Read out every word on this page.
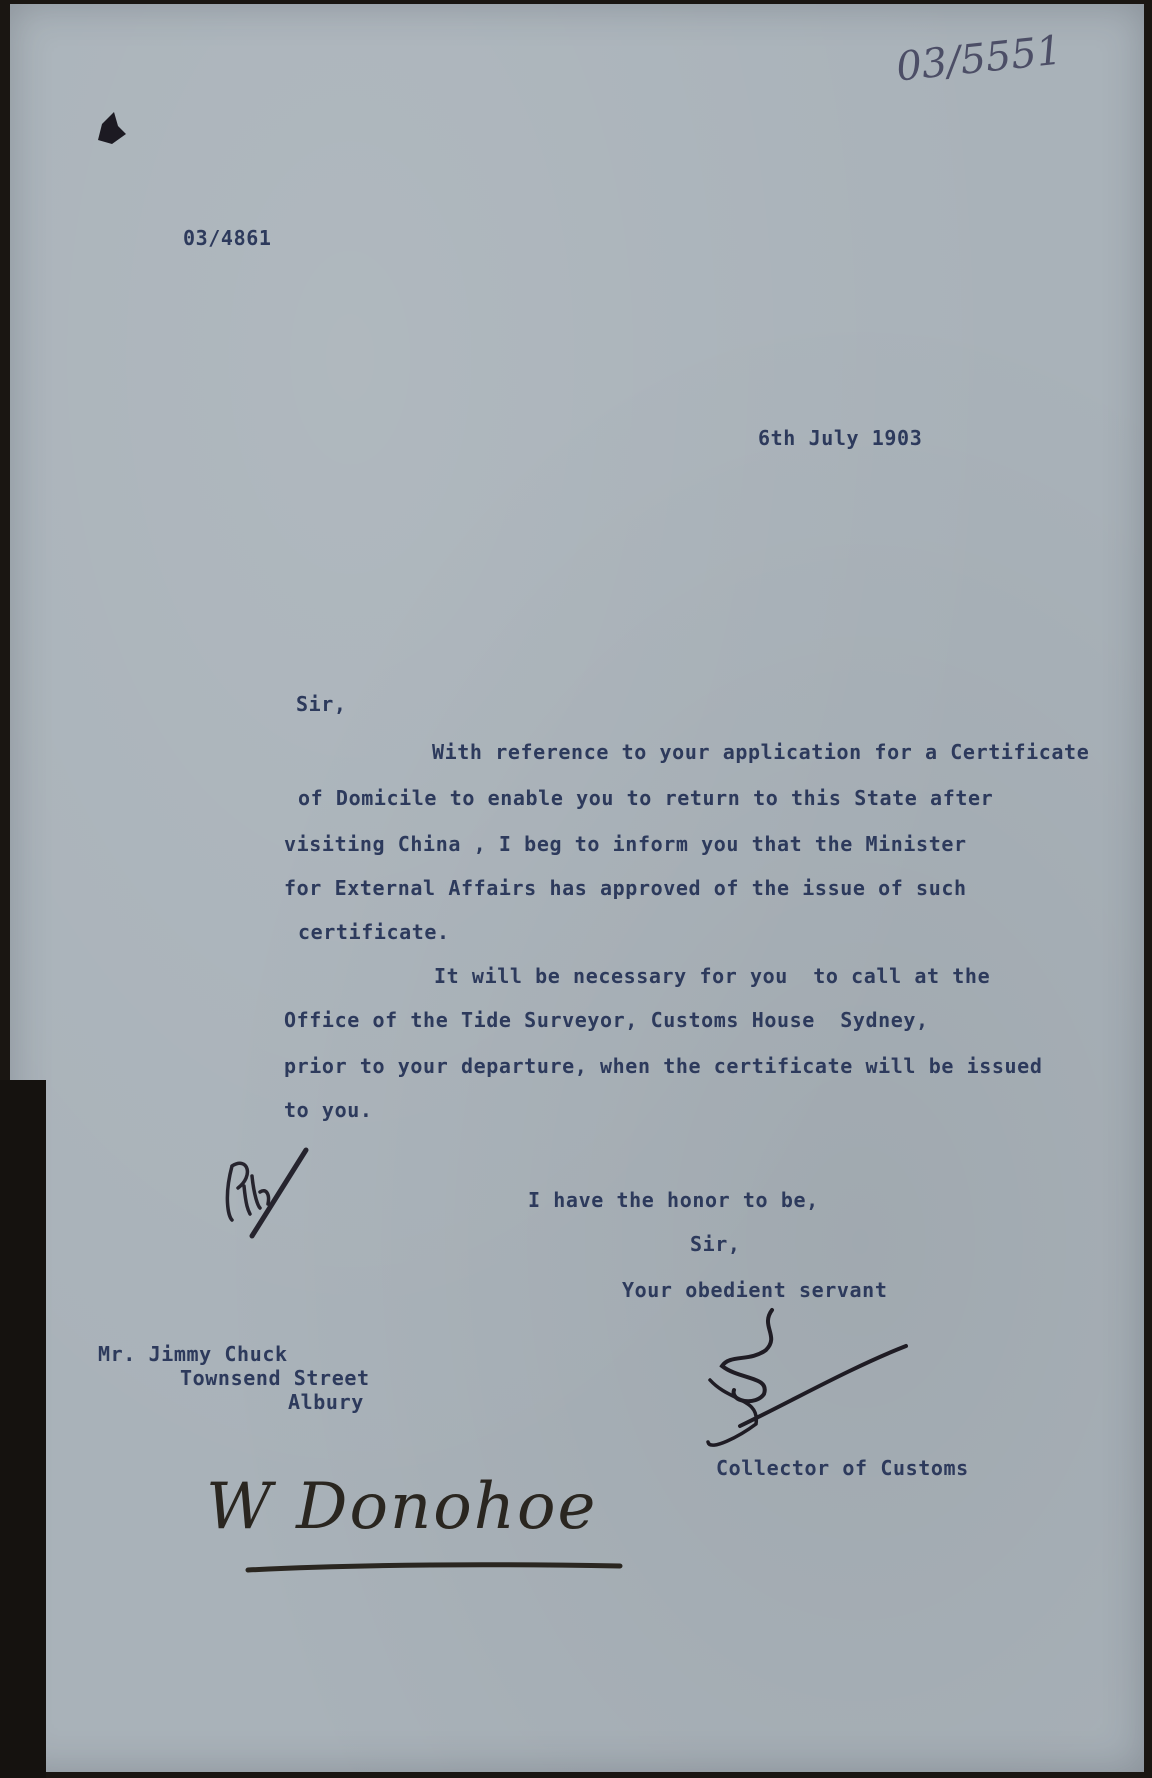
03/5551

03/4861

6th July 1903

Sir,

With reference to your application for a Certificate

of Domicile to enable you to return to this State after

visiting China , I beg to inform you that the Minister

for External Affairs has approved of the issue of such

certificate.

It will be necessary for you  to call at the

Office of the Tide Surveyor, Customs House  Sydney,

prior to your departure, when the certificate will be issued

to you.

I have the honor to be,

Sir,

Your obedient servant

Mr. Jimmy Chuck

Townsend Street

Albury

Collector of Customs

W Donohoe
